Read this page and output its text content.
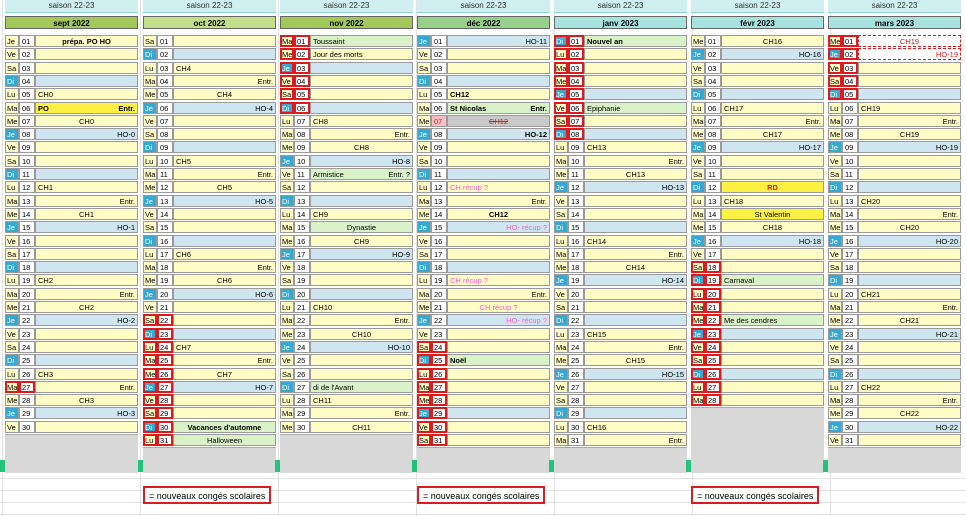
saison 22-23
sept 2022
Je 01	prépa. PO HO
Ve 02
Sa 03
Di	04
Lu 05	CH0
Ma 06	PO	Entr.
Me 07	CH0
Je 08	HO-0
Ve 09
Sa 10
Di	11
Lu 12	CH1
Ma 13	Entr.
Me 14	CH1
Je 15	HO-1
Ve 16
Sa 17
Di	18
Lu 19	CH2
Ma 20	Entr.
Me 21	CH2
Je 22	HO-2
Ve 23
Sa 24
Di	25
Lu 26	CH3
Ma 27	Entr.
Me 28	CH3
Je 29	HO-3
Ve 30
saison 22-23
oct 2022
Sa 01
Di	02
Lu 03	CH4
Ma 04	Entr.
Me 05	CH4
Je 06	HO-4
Ve 07
Sa 08
Di	09
Lu 10	CH5
Ma 11	Entr.
Me 12	CH5
Je 13	HO-5
Ve 14
Sa 15
Di	16
Lu 17	CH6
Ma 18	Entr.
Me 19	CH6
Je 20	HO-6
Ve 21
Sa 22
Di	23
Lu 24	CH7
Ma 25	Entr.
Me 26	CH7
Je 27	HO-7
Ve 28
Sa 29
Di	30	Vacances d'automne
Lu 31	Halloween
saison 22-23
nov 2022
Ma 01	Toussaint
Me 02	Jour des morts
Je 03
Ve 04
Sa 05
Di	06
Lu 07	CH8
Ma 08	Entr.
Me 09	CH8
Je 10	HO-8
Ve 11	Armistice	Entr. ?
Sa 12
Di	13
Lu 14	CH9
Ma 15	Dynastie
Me 16	CH9
Je 17	HO-9
Ve 18
Sa 19
Di	20
Lu 21	CH10
Ma 22	Entr.
Me 23	CH10
Je 24	HO-10
Ve 25
Sa 26
Di	27	di de l'Avant
Lu 28	CH11
Ma 29	Entr.
Me 30	CH11
saison 22-23
déc 2022
Je 01	HO-11
Ve 02
Sa 03
Di	04
Lu 05	CH12
Ma 06	St Nicolas	Entr.
Me 07	CH12
Je 08	HO-12
Ve 09
Sa 10
Di	11
Lu 12	CH récup ?
Ma 13	Entr.
Me 14	CH12
Je 15	HO- récup ?
Ve 16
Sa 17
Di	18
Lu 19	CH récup ?
Ma 20	Entr.
Me 21	CH récup ?
Je 22	HO- récup ?
Ve 23
Sa 24
Di	25	Noël
Lu 26
Ma 27
Me 28
Je 29
Ve 30
Sa 31
saison 22-23
janv 2023
Di	01	Nouvel an
Lu 02
Ma 03
Me 04
Je 05
Ve 06	Epiphanie
Sa 07
Di	08
Lu 09	CH13
Ma 10	Entr.
Me 11	CH13
Je 12	HO-13
Ve 13
Sa 14
Di	15
Lu 16	CH14
Ma 17	Entr.
Me 18	CH14
Je 19	HO-14
Ve 20
Sa 21
Di	22
Lu 23	CH15
Ma 24	Entr.
Me 25	CH15
Je 26	HO-15
Ve 27
Sa 28
Di	29
Lu 30	CH16
Ma 31	Entr.
saison 22-23
févr 2023
Me 01	CH16
Je 02	HO-16
Ve 03
Sa 04
Di	05
Lu 06	CH17
Ma 07	Entr.
Me 08	CH17
Je 09	HO-17
Ve 10
Sa 11
Di	12	RD
Lu 13	CH18
Ma 14	St Valentin
Me 15	CH18
Je 16	HO-18
Ve 17
Sa 18
Di	19	Carnaval
Lu 20
Ma 21
Me 22	Me des cendres
Je 23
Ve 24
Sa 25
Di	26
Lu 27
Ma 28
saison 22-23
mars 2023
Me 01	CH19
Je 02	HO-19
Ve 03
Sa 04
Di	05
Lu 06	CH19
Ma 07	Entr.
Me 08	CH19
Je 09	HO-19
Ve 10
Sa 11
Di	12
Lu 13	CH20
Ma 14	Entr.
Me 15	CH20
Je 16	HO-20
Ve 17
Sa 18
Di	19
Lu 20	CH21
Ma 21	Entr.
Me 22	CH21
Je 23	HO-21
Ve 24
Sa 25
Di	26
Lu 27	CH22
Ma 28	Entr.
Me 29	CH22
Je 30	HO-22
Ve 31
= nouveaux congés scolaires	= nouveaux congés scolaires	= nouveaux congés scolaires
